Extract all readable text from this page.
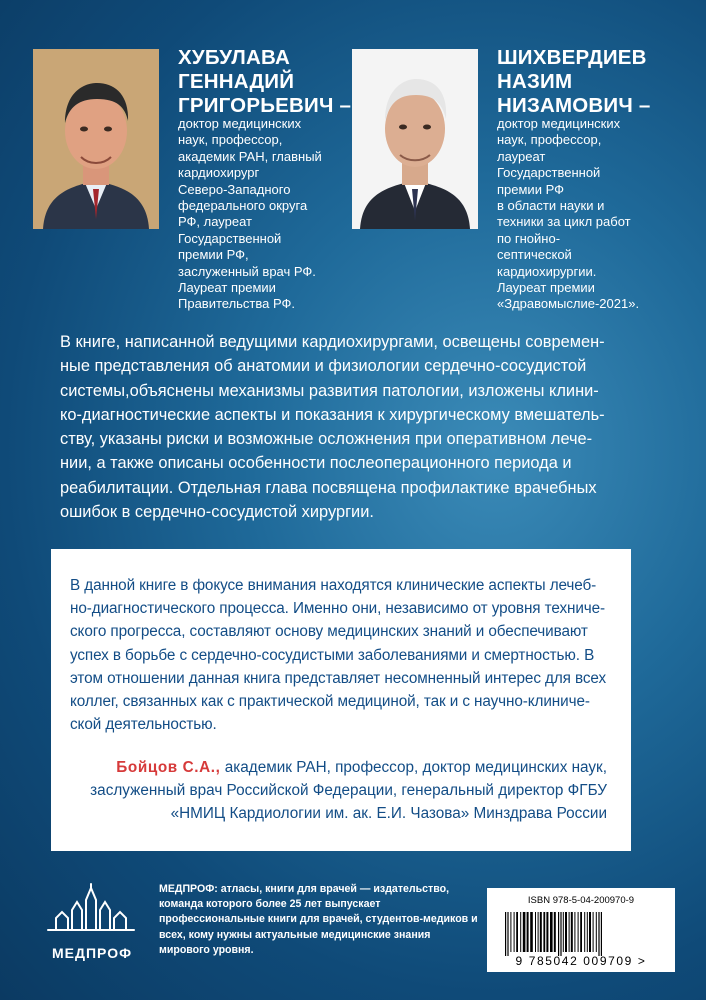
ХУБУЛАВА
ГЕННАДИЙ
ГРИГОРЬЕВИЧ –
доктор медицинских
наук, профессор,
академик РАН, главный
кардиохирург
Северо-Западного
федерального округа
РФ, лауреат
Государственной
премии РФ,
заслуженный врач РФ.
Лауреат премии
Правительства РФ.
ШИХВЕРДИЕВ
НАЗИМ
НИЗАМОВИЧ –
доктор медицинских
наук, профессор,
лауреат
Государственной
премии РФ
в области науки и
техники за цикл работ
по гнойно-
септической
кардиохирургии.
Лауреат премии
«Здравомыслие-2021».
В книге, написанной ведущими кардиохирургами, освещены современ-
ные представления об анатомии и физиологии сердечно-сосудистой
системы,объяснены механизмы развития патологии, изложены клини-
ко-диагностические аспекты и показания к хирургическому вмешатель-
ству, указаны риски и возможные осложнения при оперативном лече-
нии, а также описаны особенности послеоперационного периода и
реабилитации. Отдельная глава посвящена профилактике врачебных
ошибок в сердечно-сосудистой хирургии.
В данной книге в фокусе внимания находятся клинические аспекты лечеб-
но-диагностического процесса. Именно они, независимо от уровня техниче-
ского прогресса, составляют основу медицинских знаний и обеспечивают
успех в борьбе с сердечно-сосудистыми заболеваниями и смертностью. В
этом отношении данная книга представляет несомненный интерес для всех
коллег, связанных как с практической медициной, так и с научно-клиниче-
ской деятельностью.
Бойцов С.А., академик РАН, профессор, доктор медицинских наук,
заслуженный врач Российской Федерации, генеральный директор ФГБУ
«НМИЦ Кардиологии им. ак. Е.И. Чазова» Минздрава России
МЕДПРОФ
МЕДПРОФ: атласы, книги для врачей — издательство,
команда которого более 25 лет выпускает
профессиональные книги для врачей, студентов-медиков и
всех, кому нужны актуальные медицинские знания
мирового уровня.
ISBN 978-5-04-200970-9
9 785042 009709 >
